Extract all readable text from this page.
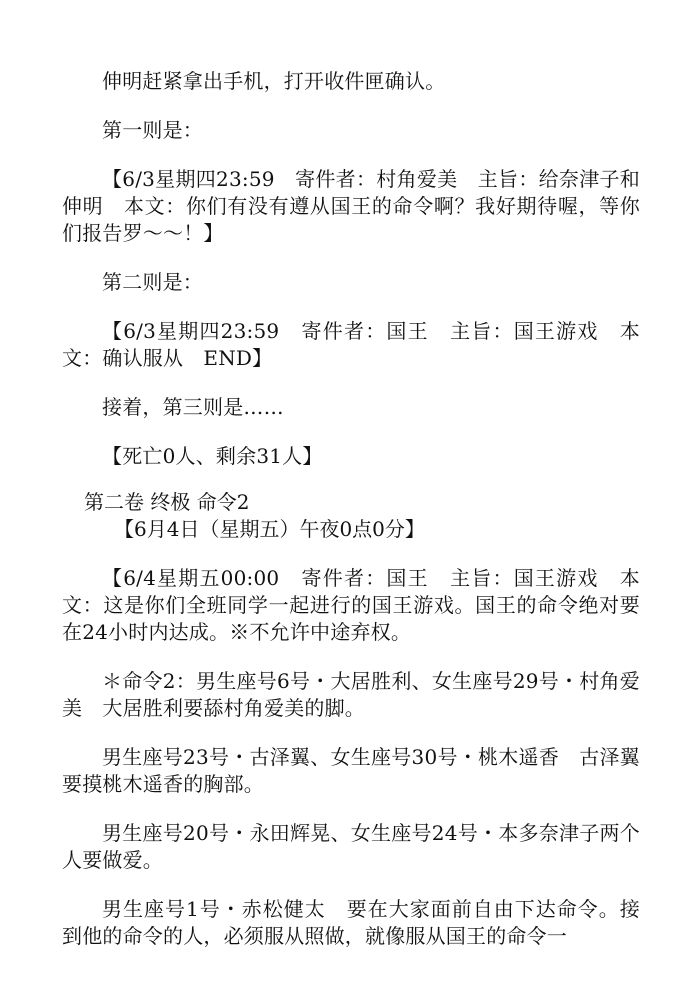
伸明赶紧拿出手机，打开收件匣确认。

第一则是：

【6/3星期四23:59　寄件者：村角爱美　主旨：给奈津子和伸明　本文：你们有没有遵从国王的命令啊？我好期待喔，等你们报告罗～～！】

第二则是：

【6/3星期四23:59　寄件者：国王　主旨：国王游戏　本文：确认服从　END】

接着，第三则是……

【死亡0人、剩余31人】

第二卷 终极 命令2

【6月4日（星期五）午夜0点0分】

【6/4星期五00:00　寄件者：国王　主旨：国王游戏　本文：这是你们全班同学一起进行的国王游戏。国王的命令绝对要在24小时内达成。※不允许中途弃权。

＊命令2：男生座号6号・大居胜利、女生座号29号・村角爱美　大居胜利要舔村角爱美的脚。

男生座号23号・古泽翼、女生座号30号・桃木遥香　古泽翼要摸桃木遥香的胸部。

男生座号20号・永田辉晃、女生座号24号・本多奈津子两个人要做爱。

男生座号1号・赤松健太　要在大家面前自由下达命令。接到他的命令的人，必须服从照做，就像服从国王的命令一
